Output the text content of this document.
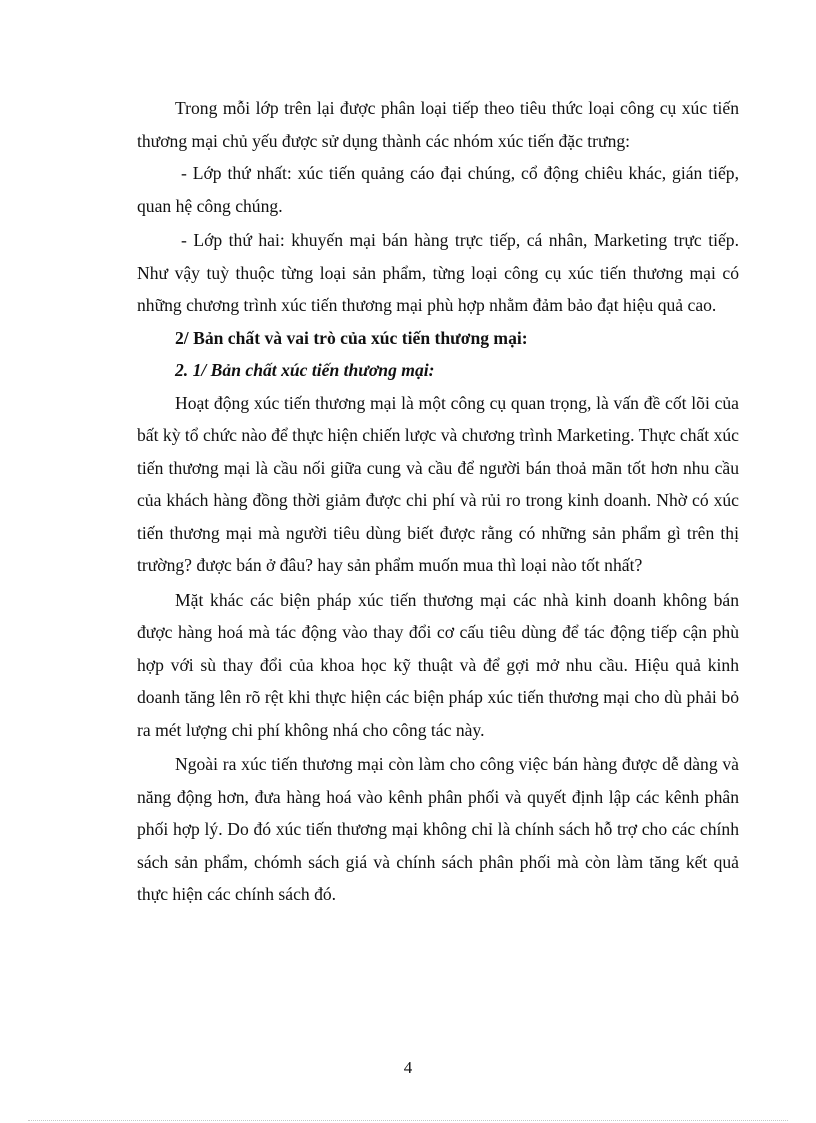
Trong mỗi lớp trên lại được phân loại tiếp theo tiêu thức loại công cụ xúc tiến thương mại chủ yếu được sử dụng thành các nhóm xúc tiến đặc trưng:

- Lớp thứ nhất: xúc tiến quảng cáo đại chúng, cổ động chiêu khác, gián tiếp, quan hệ công chúng.

- Lớp thứ hai: khuyến mại bán hàng trực tiếp, cá nhân, Marketing trực tiếp. Như vậy tuỳ thuộc từng loại sản phẩm, từng loại công cụ xúc tiến thương mại có những chương trình xúc tiến thương mại phù hợp nhằm đảm bảo đạt hiệu quả cao.

2/ Bản chất và vai trò của xúc tiến thương mại:

2. 1/ Bản chất xúc tiến thương mại:

Hoạt động xúc tiến thương mại là một công cụ quan trọng, là vấn đề cốt lõi của bất kỳ tổ chức nào để thực hiện chiến lược và chương trình Marketing. Thực chất xúc tiến thương mại là cầu nối giữa cung và cầu để người bán thoả mãn tốt hơn nhu cầu của khách hàng đồng thời giảm được chi phí và rủi ro trong kinh doanh. Nhờ có xúc tiến thương mại mà người tiêu dùng biết được rằng có những sản phẩm gì trên thị trường? được bán ở đâu? hay sản phẩm muốn mua thì loại nào tốt nhất?

Mặt khác các biện pháp xúc tiến thương mại các nhà kinh doanh không bán được hàng hoá mà tác động vào thay đổi cơ cấu tiêu dùng để tác động tiếp cận phù hợp với sù thay đổi của khoa học kỹ thuật và để gợi mở nhu cầu. Hiệu quả kinh doanh tăng lên rõ rệt khi thực hiện các biện pháp xúc tiến thương mại cho dù phải bỏ ra mét lượng chi phí không nhá cho công tác này.

Ngoài ra xúc tiến thương mại còn làm cho công việc bán hàng được dễ dàng và năng động hơn, đưa hàng hoá vào kênh phân phối và quyết định lập các kênh phân phối hợp lý. Do đó xúc tiến thương mại không chỉ là chính sách hỗ trợ cho các chính sách sản phẩm, chómh sách giá và chính sách phân phối mà còn làm tăng kết quả thực hiện các chính sách đó.

4
